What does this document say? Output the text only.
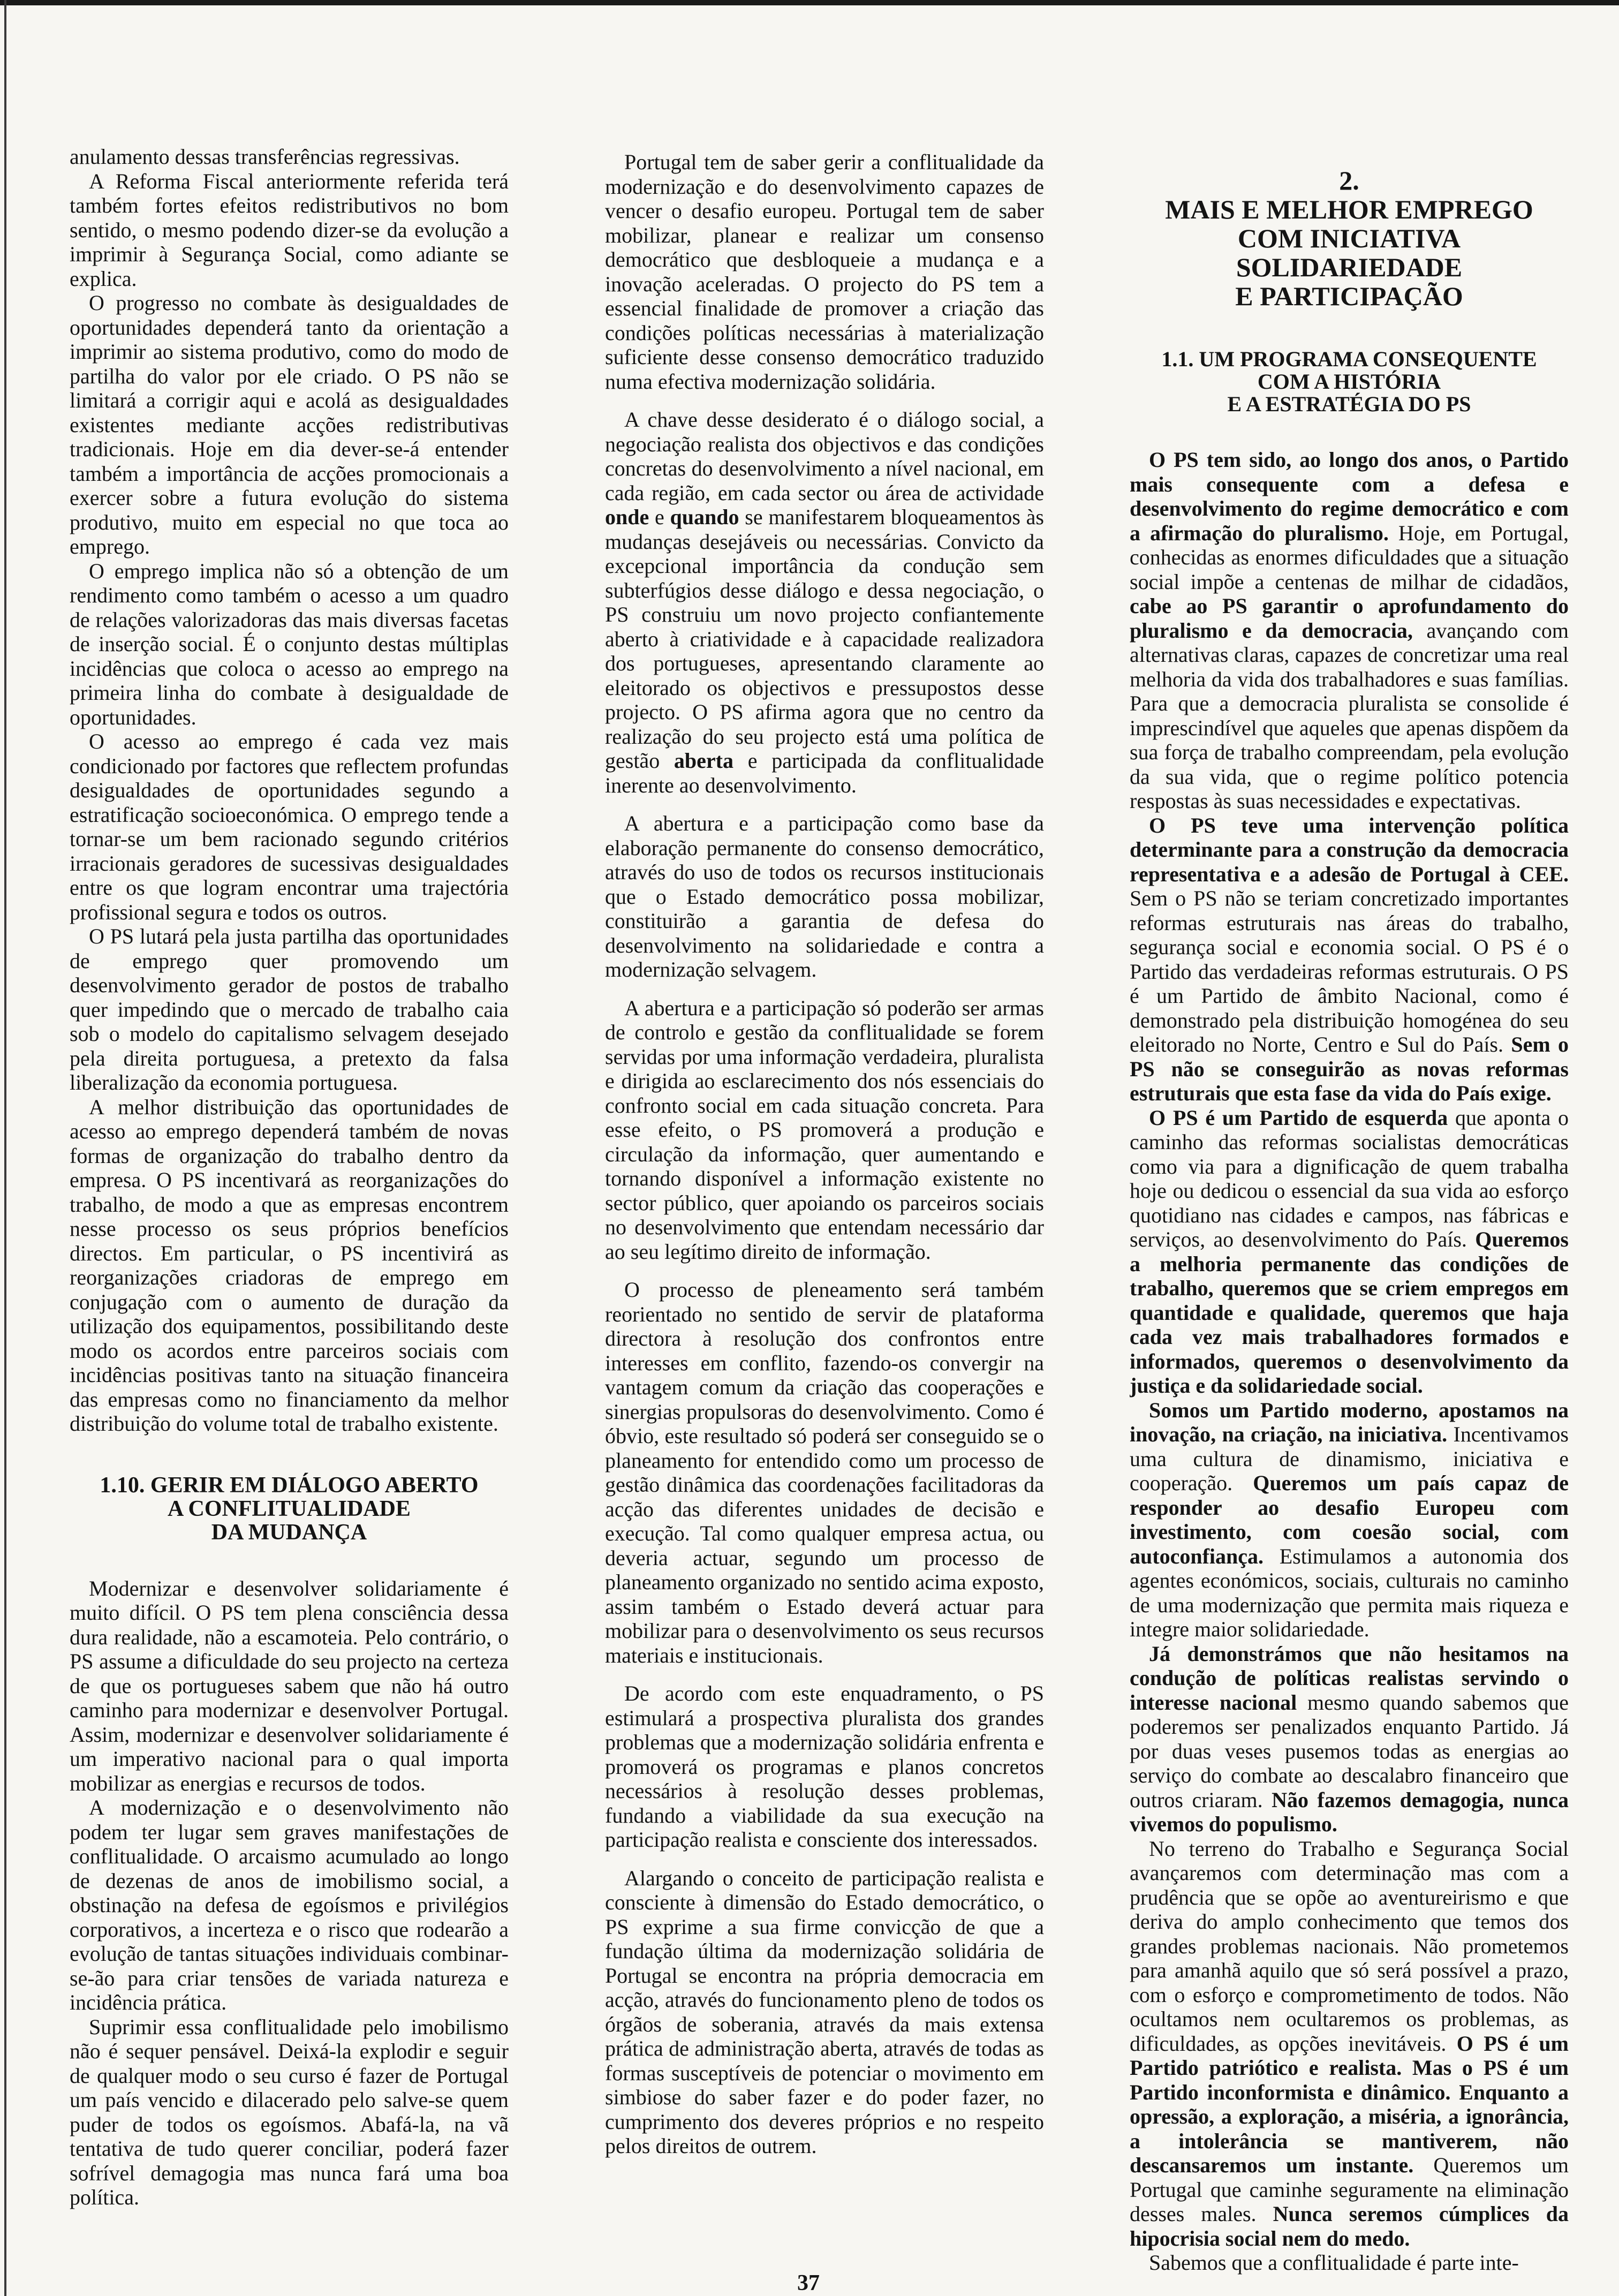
anulamento dessas transferências regressivas.

A Reforma Fiscal anteriormente referida terá também fortes efeitos redistributivos no bom sentido, o mesmo podendo dizer-se da evolução a imprimir à Segurança Social, como adiante se explica.

O progresso no combate às desigualdades de oportunidades dependerá tanto da orientação a imprimir ao sistema produtivo, como do modo de partilha do valor por ele criado. O PS não se limitará a corrigir aqui e acolá as desigualdades existentes mediante acções redistributivas tradicionais. Hoje em dia dever-se-á entender também a importância de acções promocionais a exercer sobre a futura evolução do sistema produtivo, muito em especial no que toca ao emprego.

O emprego implica não só a obtenção de um rendimento como também o acesso a um quadro de relações valorizadoras das mais diversas facetas de inserção social. É o conjunto destas múltiplas incidências que coloca o acesso ao emprego na primeira linha do combate à desigualdade de oportunidades.

O acesso ao emprego é cada vez mais condicionado por factores que reflectem profundas desigualdades de oportunidades segundo a estratificação socioeconómica. O emprego tende a tornar-se um bem racionado segundo critérios irracionais geradores de sucessivas desigualdades entre os que logram encontrar uma trajectória profissional segura e todos os outros.

O PS lutará pela justa partilha das oportunidades de emprego quer promovendo um desenvolvimento gerador de postos de trabalho quer impedindo que o mercado de trabalho caia sob o modelo do capitalismo selvagem desejado pela direita portuguesa, a pretexto da falsa liberalização da economia portuguesa.

A melhor distribuição das oportunidades de acesso ao emprego dependerá também de novas formas de organização do trabalho dentro da empresa. O PS incentivará as reorganizações do trabalho, de modo a que as empresas encontrem nesse processo os seus próprios benefícios directos. Em particular, o PS incentivirá as reorganizações criadoras de emprego em conjugação com o aumento de duração da utilização dos equipamentos, possibilitando deste modo os acordos entre parceiros sociais com incidências positivas tanto na situação financeira das empresas como no financiamento da melhor distribuição do volume total de trabalho existente.

1.10. GERIR EM DIÁLOGO ABERTO
A CONFLITUALIDADE
DA MUDANÇA

Modernizar e desenvolver solidariamente é muito difícil. O PS tem plena consciência dessa dura realidade, não a escamoteia. Pelo contrário, o PS assume a dificuldade do seu projecto na certeza de que os portugueses sabem que não há outro caminho para modernizar e desenvolver Portugal. Assim, modernizar e desenvolver solidariamente é um imperativo nacional para o qual importa mobilizar as energias e recursos de todos.

A modernização e o desenvolvimento não podem ter lugar sem graves manifestações de conflitualidade. O arcaismo acumulado ao longo de dezenas de anos de imobilismo social, a obstinação na defesa de egoísmos e privilégios corporativos, a incerteza e o risco que rodearão a evolução de tantas situações individuais combinar-se-ão para criar tensões de variada natureza e incidência prática.

Suprimir essa conflitualidade pelo imobilismo não é sequer pensável. Deixá-la explodir e seguir de qualquer modo o seu curso é fazer de Portugal um país vencido e dilacerado pelo salve-se quem puder de todos os egoísmos. Abafá-la, na vã tentativa de tudo querer conciliar, poderá fazer sofrível demagogia mas nunca fará uma boa política.

Portugal tem de saber gerir a conflitualidade da modernização e do desenvolvimento capazes de vencer o desafio europeu. Portugal tem de saber mobilizar, planear e realizar um consenso democrático que desbloqueie a mudança e a inovação aceleradas. O projecto do PS tem a essencial finalidade de promover a criação das condições políticas necessárias à materialização suficiente desse consenso democrático traduzido numa efectiva modernização solidária.

A chave desse desiderato é o diálogo social, a negociação realista dos objectivos e das condições concretas do desenvolvimento a nível nacional, em cada região, em cada sector ou área de actividade onde e quando se manifestarem bloqueamentos às mudanças desejáveis ou necessárias. Convicto da excepcional importância da condução sem subterfúgios desse diálogo e dessa negociação, o PS construiu um novo projecto confiantemente aberto à criatividade e à capacidade realizadora dos portugueses, apresentando claramente ao eleitorado os objectivos e pressupostos desse projecto. O PS afirma agora que no centro da realização do seu projecto está uma política de gestão aberta e participada da conflitualidade inerente ao desenvolvimento.

A abertura e a participação como base da elaboração permanente do consenso democrático, através do uso de todos os recursos institucionais que o Estado democrático possa mobilizar, constituirão a garantia de defesa do desenvolvimento na solidariedade e contra a modernização selvagem.

A abertura e a participação só poderão ser armas de controlo e gestão da conflitualidade se forem servidas por uma informação verdadeira, pluralista e dirigida ao esclarecimento dos nós essenciais do confronto social em cada situação concreta. Para esse efeito, o PS promoverá a produção e circulação da informação, quer aumentando e tornando disponível a informação existente no sector público, quer apoiando os parceiros sociais no desenvolvimento que entendam necessário dar ao seu legítimo direito de informação.

O processo de pleneamento será também reorientado no sentido de servir de plataforma directora à resolução dos confrontos entre interesses em conflito, fazendo-os convergir na vantagem comum da criação das cooperações e sinergias propulsoras do desenvolvimento. Como é óbvio, este resultado só poderá ser conseguido se o planeamento for entendido como um processo de gestão dinâmica das coordenações facilitadoras da acção das diferentes unidades de decisão e execução. Tal como qualquer empresa actua, ou deveria actuar, segundo um processo de planeamento organizado no sentido acima exposto, assim também o Estado deverá actuar para mobilizar para o desenvolvimento os seus recursos materiais e institucionais.

De acordo com este enquadramento, o PS estimulará a prospectiva pluralista dos grandes problemas que a modernização solidária enfrenta e promoverá os programas e planos concretos necessários à resolução desses problemas, fundando a viabilidade da sua execução na participação realista e consciente dos interessados.

Alargando o conceito de participação realista e consciente à dimensão do Estado democrático, o PS exprime a sua firme convicção de que a fundação última da modernização solidária de Portugal se encontra na própria democracia em acção, através do funcionamento pleno de todos os órgãos de soberania, através da mais extensa prática de administração aberta, através de todas as formas susceptíveis de potenciar o movimento em simbiose do saber fazer e do poder fazer, no cumprimento dos deveres próprios e no respeito pelos direitos de outrem.

2.
MAIS E MELHOR EMPREGO
COM INICIATIVA
SOLIDARIEDADE
E PARTICIPAÇÃO
1.1. UM PROGRAMA CONSEQUENTE
COM A HISTÓRIA
E A ESTRATÉGIA DO PS

O PS tem sido, ao longo dos anos, o Partido mais consequente com a defesa e desenvolvimento do regime democrático e com a afirmação do pluralismo. Hoje, em Portugal, conhecidas as enormes dificuldades que a situação social impõe a centenas de milhar de cidadãos, cabe ao PS garantir o aprofundamento do pluralismo e da democracia, avançando com alternativas claras, capazes de concretizar uma real melhoria da vida dos trabalhadores e suas famílias. Para que a democracia pluralista se consolide é imprescindível que aqueles que apenas dispõem da sua força de trabalho compreendam, pela evolução da sua vida, que o regime político potencia respostas às suas necessidades e expectativas.

O PS teve uma intervenção política determinante para a construção da democracia representativa e a adesão de Portugal à CEE. Sem o PS não se teriam concretizado importantes reformas estruturais nas áreas do trabalho, segurança social e economia social. O PS é o Partido das verdadeiras reformas estruturais. O PS é um Partido de âmbito Nacional, como é demonstrado pela distribuição homogénea do seu eleitorado no Norte, Centro e Sul do País. Sem o PS não se conseguirão as novas reformas estruturais que esta fase da vida do País exige.

O PS é um Partido de esquerda que aponta o caminho das reformas socialistas democráticas como via para a dignificação de quem trabalha hoje ou dedicou o essencial da sua vida ao esforço quotidiano nas cidades e campos, nas fábricas e serviços, ao desenvolvimento do País. Queremos a melhoria permanente das condições de trabalho, queremos que se criem empregos em quantidade e qualidade, queremos que haja cada vez mais trabalhadores formados e informados, queremos o desenvolvimento da justiça e da solidariedade social.

Somos um Partido moderno, apostamos na inovação, na criação, na iniciativa. Incentivamos uma cultura de dinamismo, iniciativa e cooperação. Queremos um país capaz de responder ao desafio Europeu com investimento, com coesão social, com autoconfiança. Estimulamos a autonomia dos agentes económicos, sociais, culturais no caminho de uma modernização que permita mais riqueza e integre maior solidariedade.

Já demonstrámos que não hesitamos na condução de políticas realistas servindo o interesse nacional mesmo quando sabemos que poderemos ser penalizados enquanto Partido. Já por duas veses pusemos todas as energias ao serviço do combate ao descalabro financeiro que outros criaram. Não fazemos demagogia, nunca vivemos do populismo.

No terreno do Trabalho e Segurança Social avançaremos com determinação mas com a prudência que se opõe ao aventureirismo e que deriva do amplo conhecimento que temos dos grandes problemas nacionais. Não prometemos para amanhã aquilo que só será possível a prazo, com o esforço e comprometimento de todos. Não ocultamos nem ocultaremos os problemas, as dificuldades, as opções inevitáveis. O PS é um Partido patriótico e realista. Mas o PS é um Partido inconformista e dinâmico. Enquanto a opressão, a exploração, a miséria, a ignorância, a intolerância se mantiverem, não descansaremos um instante. Queremos um Portugal que caminhe seguramente na eliminação desses males. Nunca seremos cúmplices da hipocrisia social nem do medo.

Sabemos que a conflitualidade é parte inte-

37
